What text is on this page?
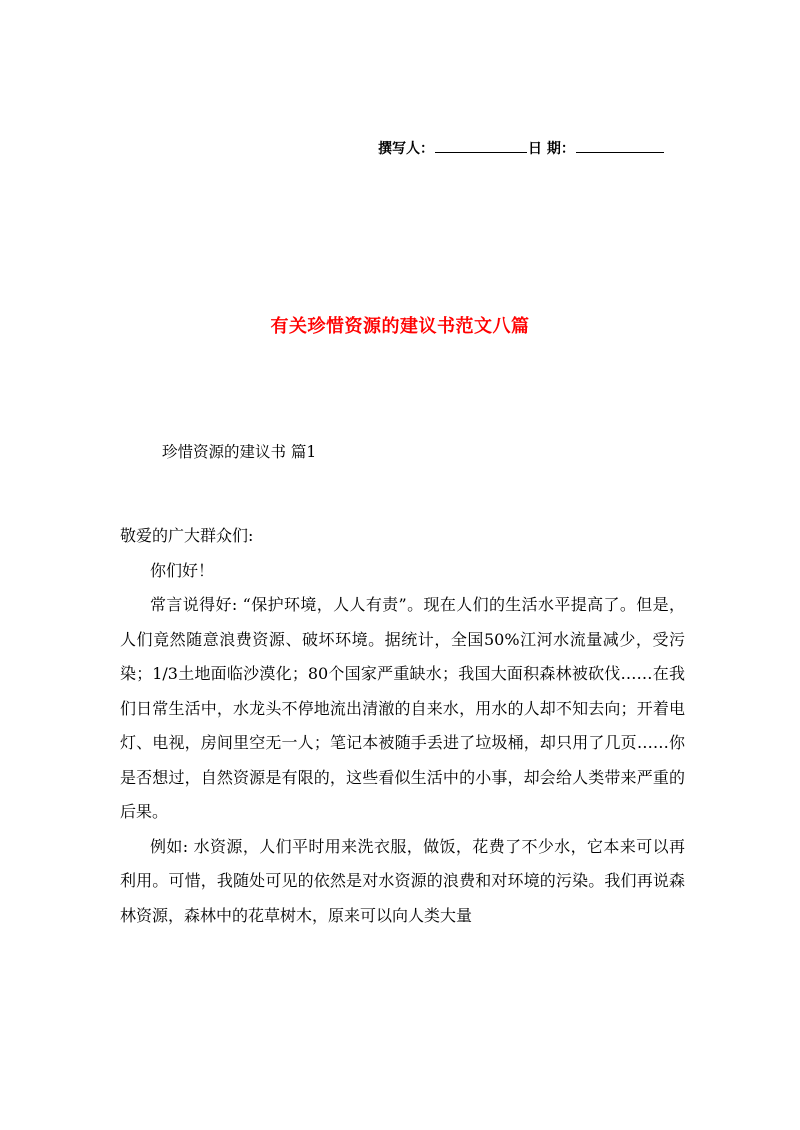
撰写人：	日 期：
有关珍惜资源的建议书范文八篇
珍惜资源的建议书 篇1

敬爱的广大群众们:

你们好！

常言说得好: “保护环境，人人有责”。现在人们的生活水平提高了。但是，人们竟然随意浪费资源、破坏环境。据统计，全国50%江河水流量减少，受污染；1/3土地面临沙漠化；80个国家严重缺水；我国大面积森林被砍伐……在我们日常生活中，水龙头不停地流出清澈的自来水，用水的人却不知去向；开着电灯、电视，房间里空无一人；笔记本被随手丢进了垃圾桶，却只用了几页……你是否想过，自然资源是有限的，这些看似生活中的小事，却会给人类带来严重的后果。

例如: 水资源，人们平时用来洗衣服，做饭，花费了不少水，它本来可以再利用。可惜，我随处可见的依然是对水资源的浪费和对环境的污染。我们再说森林资源，森林中的花草树木，原来可以向人类大量
